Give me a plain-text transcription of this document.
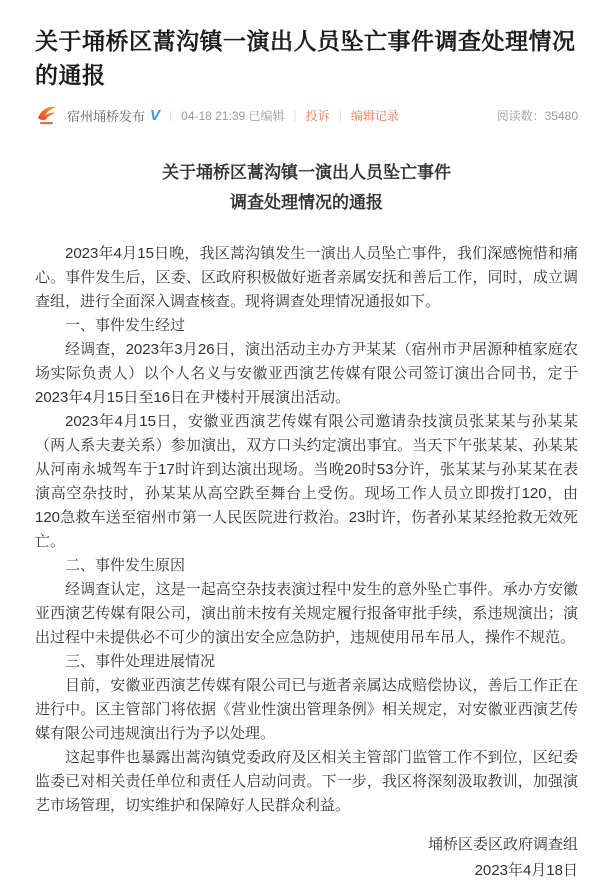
关于埇桥区蒿沟镇一演出人员坠亡事件调查处理情况的通报
宿州埇桥发布 V | 04-18 21:39 已编辑 | 投诉 | 编辑记录	阅读数：35480
关于埇桥区蒿沟镇一演出人员坠亡事件
调查处理情况的通报

2023年4月15日晚，我区蒿沟镇发生一演出人员坠亡事件，我们深感惋惜和痛心。事件发生后，区委、区政府积极做好逝者亲属安抚和善后工作，同时，成立调查组，进行全面深入调查核查。现将调查处理情况通报如下。

一、事件发生经过

经调查，2023年3月26日，演出活动主办方尹某某（宿州市尹居源种植家庭农场实际负责人）以个人名义与安徽亚西演艺传媒有限公司签订演出合同书，定于2023年4月15日至16日在尹楼村开展演出活动。

2023年4月15日，安徽亚西演艺传媒有限公司邀请杂技演员张某某与孙某某（两人系夫妻关系）参加演出，双方口头约定演出事宜。当天下午张某某、孙某某从河南永城驾车于17时许到达演出现场。当晚20时53分许，张某某与孙某某在表演高空杂技时，孙某某从高空跌至舞台上受伤。现场工作人员立即拨打120，由120急救车送至宿州市第一人民医院进行救治。23时许，伤者孙某某经抢救无效死亡。

二、事件发生原因

经调查认定，这是一起高空杂技表演过程中发生的意外坠亡事件。承办方安徽亚西演艺传媒有限公司，演出前未按有关规定履行报备审批手续，系违规演出；演出过程中未提供必不可少的演出安全应急防护，违规使用吊车吊人，操作不规范。

三、事件处理进展情况

目前，安徽亚西演艺传媒有限公司已与逝者亲属达成赔偿协议，善后工作正在进行中。区主管部门将依据《营业性演出管理条例》相关规定，对安徽亚西演艺传媒有限公司违规演出行为予以处理。

这起事件也暴露出蒿沟镇党委政府及区相关主管部门监管工作不到位，区纪委监委已对相关责任单位和责任人启动问责。下一步，我区将深刻汲取教训，加强演艺市场管理，切实维护和保障好人民群众利益。

埇桥区委区政府调查组
2023年4月18日
